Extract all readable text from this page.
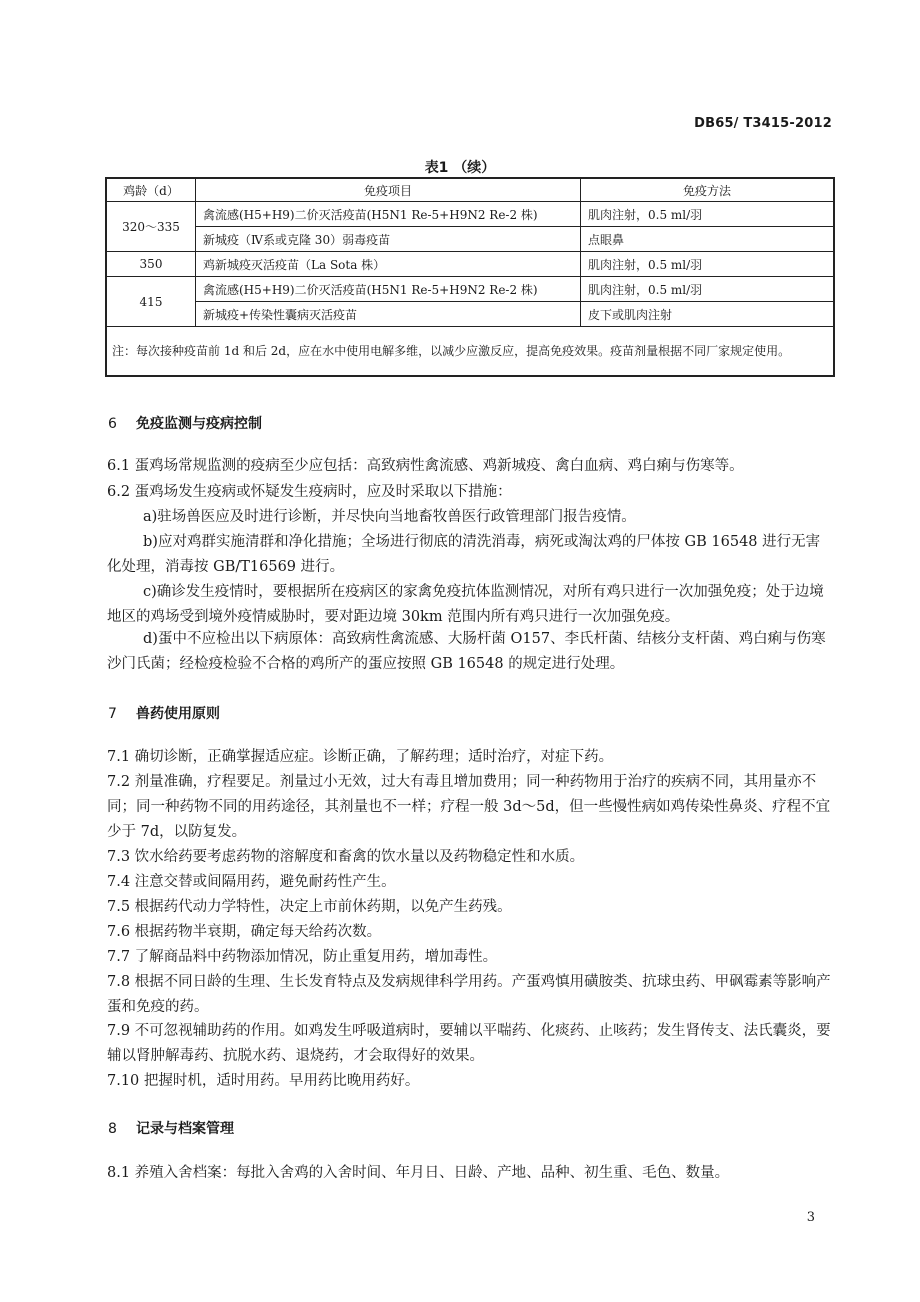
DB65/ T3415-2012
表1 （续）
鸡龄（d）	免疫项目	免疫方法
320～335	禽流感(H5+H9)二价灭活疫苗(H5N1 Re-5+H9N2 Re-2 株)	肌肉注射，0.5 ml/羽
	新城疫（Ⅳ系或克隆 30）弱毒疫苗	点眼鼻
350	鸡新城疫灭活疫苗（La Sota 株）	肌肉注射，0.5 ml/羽
415	禽流感(H5+H9)二价灭活疫苗(H5N1 Re-5+H9N2 Re-2 株)	肌肉注射，0.5 ml/羽
	新城疫+传染性囊病灭活疫苗	皮下或肌肉注射
注：每次接种疫苗前 1d 和后 2d，应在水中使用电解多维，以减少应激反应，提高免疫效果。疫苗剂量根据不同厂家规定使用。		
6 免疫监测与疫病控制
6.1 蛋鸡场常规监测的疫病至少应包括：高致病性禽流感、鸡新城疫、禽白血病、鸡白痢与伤寒等。
6.2 蛋鸡场发生疫病或怀疑发生疫病时，应及时采取以下措施：
a)驻场兽医应及时进行诊断，并尽快向当地畜牧兽医行政管理部门报告疫情。
b)应对鸡群实施清群和净化措施；全场进行彻底的清洗消毒，病死或淘汰鸡的尸体按 GB 16548 进行无害化处理，消毒按 GB/T16569 进行。
c)确诊发生疫情时，要根据所在疫病区的家禽免疫抗体监测情况，对所有鸡只进行一次加强免疫；处于边境地区的鸡场受到境外疫情威胁时，要对距边境 30km 范围内所有鸡只进行一次加强免疫。
d)蛋中不应检出以下病原体：高致病性禽流感、大肠杆菌 O157、李氏杆菌、结核分支杆菌、鸡白痢与伤寒沙门氏菌；经检疫检验不合格的鸡所产的蛋应按照 GB 16548 的规定进行处理。
7 兽药使用原则
7.1 确切诊断，正确掌握适应症。诊断正确，了解药理；适时治疗，对症下药。
7.2 剂量准确，疗程要足。剂量过小无效，过大有毒且增加费用；同一种药物用于治疗的疾病不同，其用量亦不同；同一种药物不同的用药途径，其剂量也不一样；疗程一般 3d～5d，但一些慢性病如鸡传染性鼻炎、疗程不宜少于 7d，以防复发。
7.3 饮水给药要考虑药物的溶解度和畜禽的饮水量以及药物稳定性和水质。
7.4 注意交替或间隔用药，避免耐药性产生。
7.5 根据药代动力学特性，决定上市前休药期，以免产生药残。
7.6 根据药物半衰期，确定每天给药次数。
7.7 了解商品料中药物添加情况，防止重复用药，增加毒性。
7.8 根据不同日龄的生理、生长发育特点及发病规律科学用药。产蛋鸡慎用磺胺类、抗球虫药、甲砜霉素等影响产蛋和免疫的药。
7.9 不可忽视辅助药的作用。如鸡发生呼吸道病时，要辅以平喘药、化痰药、止咳药；发生肾传支、法氏囊炎，要辅以肾肿解毒药、抗脱水药、退烧药，才会取得好的效果。
7.10 把握时机，适时用药。早用药比晚用药好。
8 记录与档案管理
8.1 养殖入舍档案：每批入舍鸡的入舍时间、年月日、日龄、产地、品种、初生重、毛色、数量。
3
